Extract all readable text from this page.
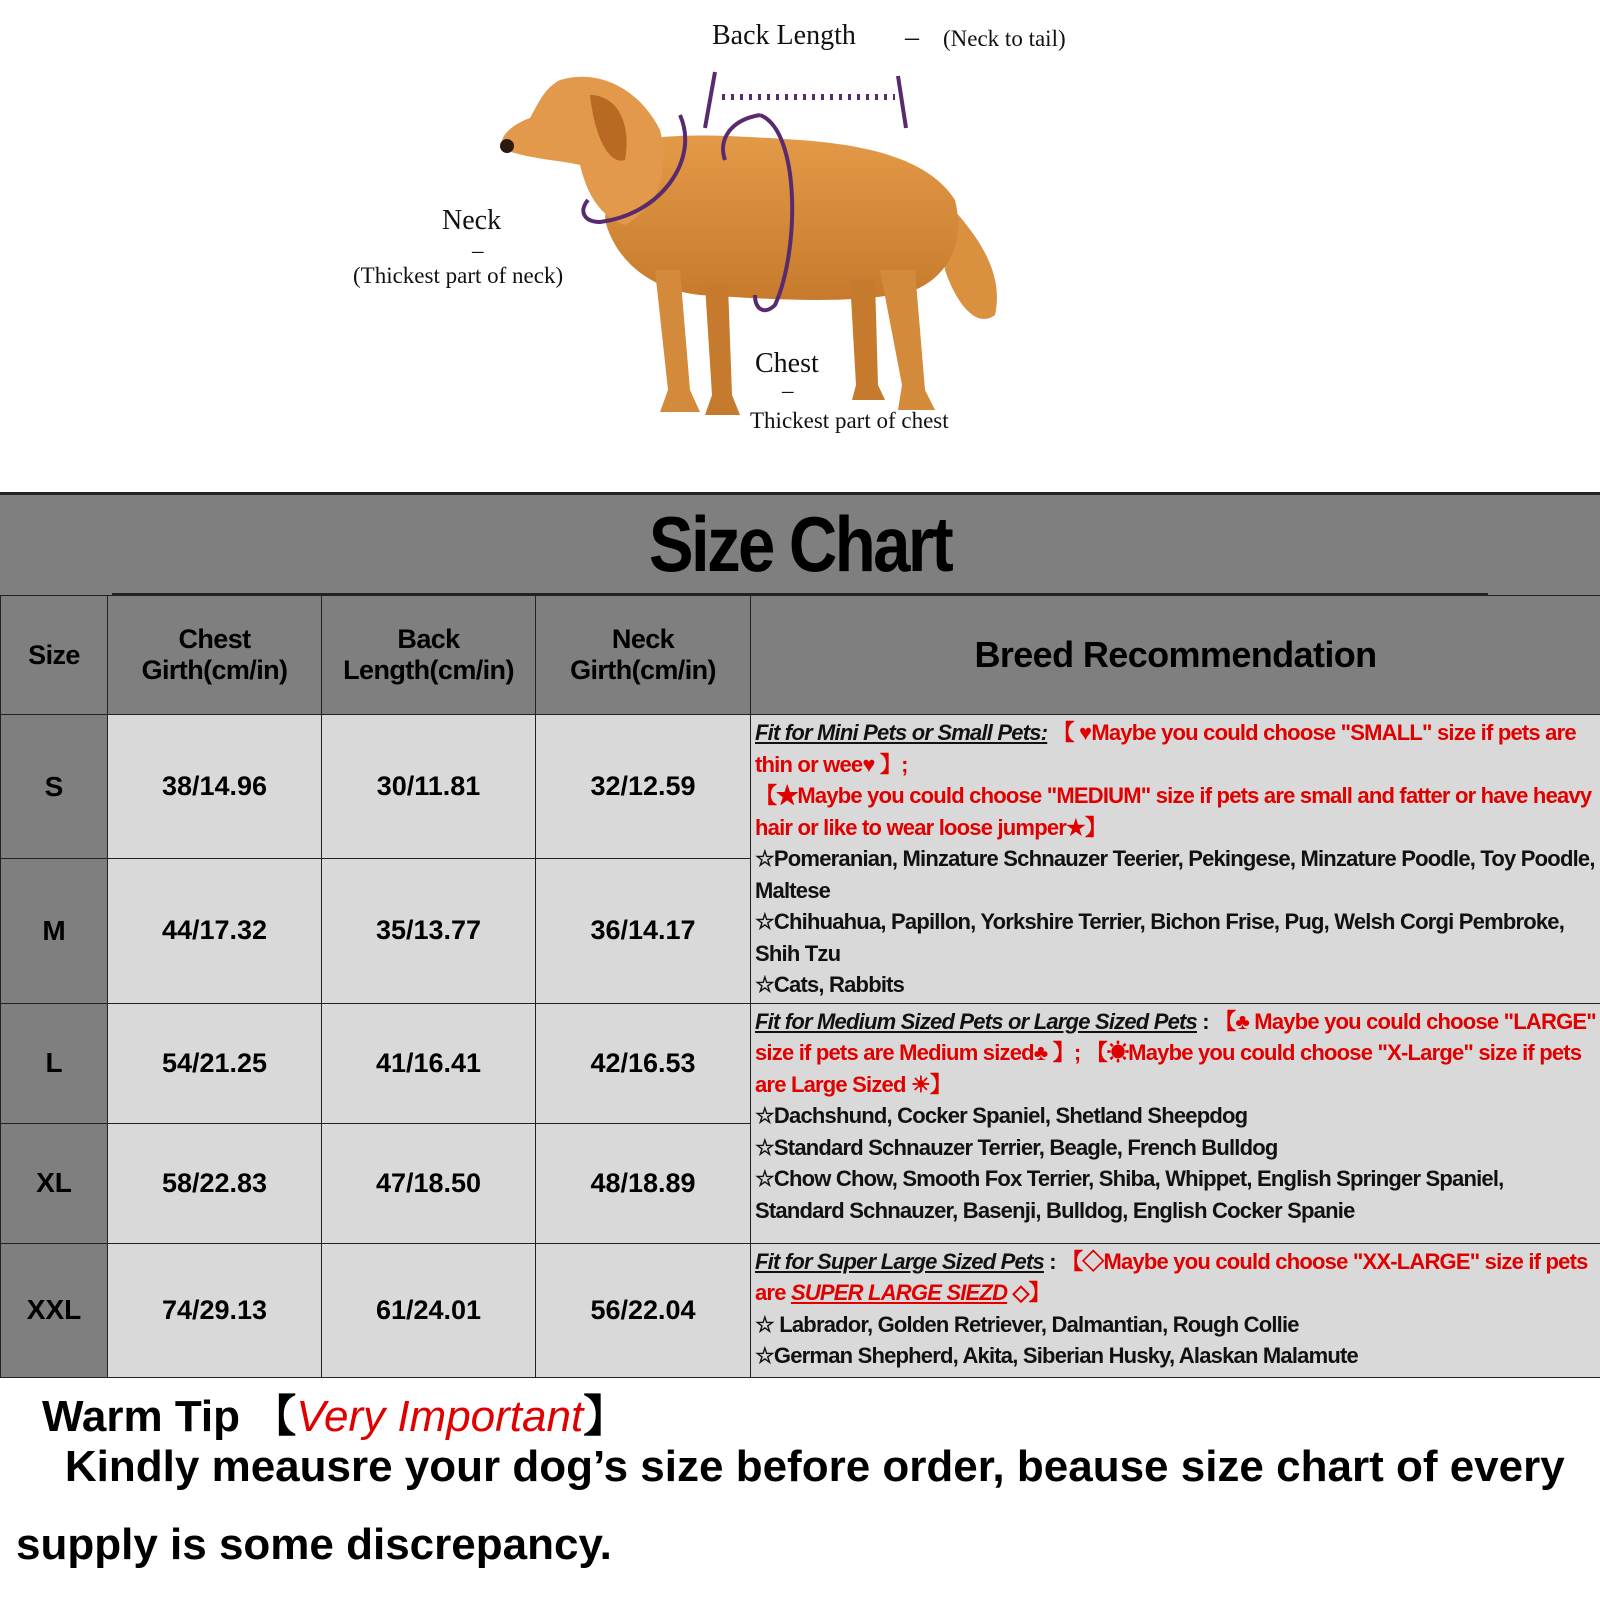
Back Length – (Neck to tail)
Neck
–
(Thickest part of neck)
Chest
–
Thickest part of chest
Size Chart
Size	Chest Girth(cm/in)	Back Length(cm/in)	Neck Girth(cm/in)	Breed Recommendation
S	38/14.96	30/11.81	32/12.59	Fit for Mini Pets or Small Pets: 【 ♥Maybe you could choose "SMALL" size if pets are thin or wee♥ 】;
【★Maybe you could choose "MEDIUM" size if pets are small and fatter or have heavy hair or like to wear loose jumper★】
☆Pomeranian, Minzature Schnauzer Teerier, Pekingese, Minzature Poodle, Toy Poodle, Maltese
☆Chihuahua, Papillon, Yorkshire Terrier, Bichon Frise, Pug, Welsh Corgi Pembroke, Shih Tzu
☆Cats, Rabbits

M	44/17.32	35/13.77	36/14.17	
L	54/21.25	41/16.41	42/16.53	Fit for Medium Sized Pets or Large Sized Pets : 【♣ Maybe you could choose "LARGE" size if pets are Medium sized♣ 】; 【☀Maybe you could choose "X-Large" size if pets are Large Sized ☀】
☆Dachshund, Cocker Spaniel, Shetland Sheepdog
☆Standard Schnauzer Terrier, Beagle, French Bulldog
☆Chow Chow, Smooth Fox Terrier, Shiba, Whippet, English Springer Spaniel, Standard Schnauzer, Basenji, Bulldog, English Cocker Spanie

XL	58/22.83	47/18.50	48/18.89	
XXL	74/29.13	61/24.01	56/22.04	Fit for Super Large Sized Pets : 【◇Maybe you could choose "XX-LARGE" size if pets are SUPER LARGE SIEZD ◇】
☆ Labrador, Golden Retriever, Dalmantian, Rough Collie
☆German Shepherd, Akita, Siberian Husky, Alaskan Malamute
Warm Tip 【Very Important】
Kindly meausre your dog’s size before order, beause size chart of every supply is some discrepancy.
